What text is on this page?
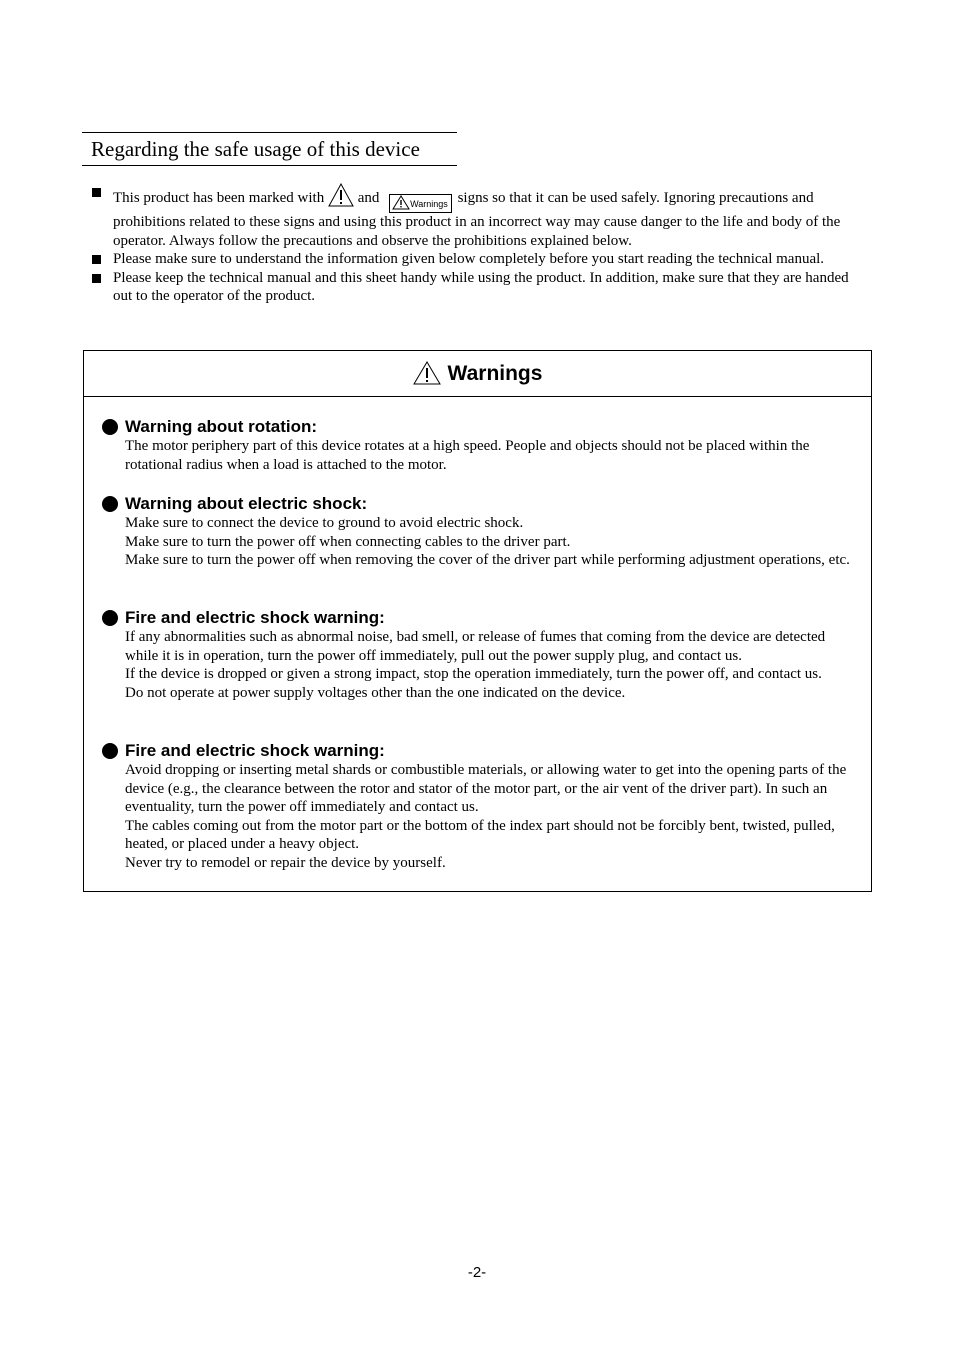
Regarding the safe usage of this device
This product has been marked with and	Warnings signs so that it can be used safely. Ignoring precautions and prohibitions related to these signs and using this product in an incorrect way may cause danger to the life and body of the operator. Always follow the precautions and observe the prohibitions explained below.
Please make sure to understand the information given below completely before you start reading the technical manual.
Please keep the technical manual and this sheet handy while using the product. In addition, make sure that they are handed out to the operator of the product.
Warnings
Warning about rotation:
The motor periphery part of this device rotates at a high speed. People and objects should not be placed within the rotational radius when a load is attached to the motor.
Warning about electric shock:
Make sure to connect the device to ground to avoid electric shock.
Make sure to turn the power off when connecting cables to the driver part.
Make sure to turn the power off when removing the cover of the driver part while performing adjustment operations, etc.
Fire and electric shock warning:
If any abnormalities such as abnormal noise, bad smell, or release of fumes that coming from the device are detected while it is in operation, turn the power off immediately, pull out the power supply plug, and contact us.
If the device is dropped or given a strong impact, stop the operation immediately, turn the power off, and contact us.
Do not operate at power supply voltages other than the one indicated on the device.
Fire and electric shock warning:
Avoid dropping or inserting metal shards or combustible materials, or allowing water to get into the opening parts of the device (e.g., the clearance between the rotor and stator of the motor part, or the air vent of the driver part). In such an eventuality, turn the power off immediately and contact us.
The cables coming out from the motor part or the bottom of the index part should not be forcibly bent, twisted, pulled, heated, or placed under a heavy object.
Never try to remodel or repair the device by yourself.
-2-
